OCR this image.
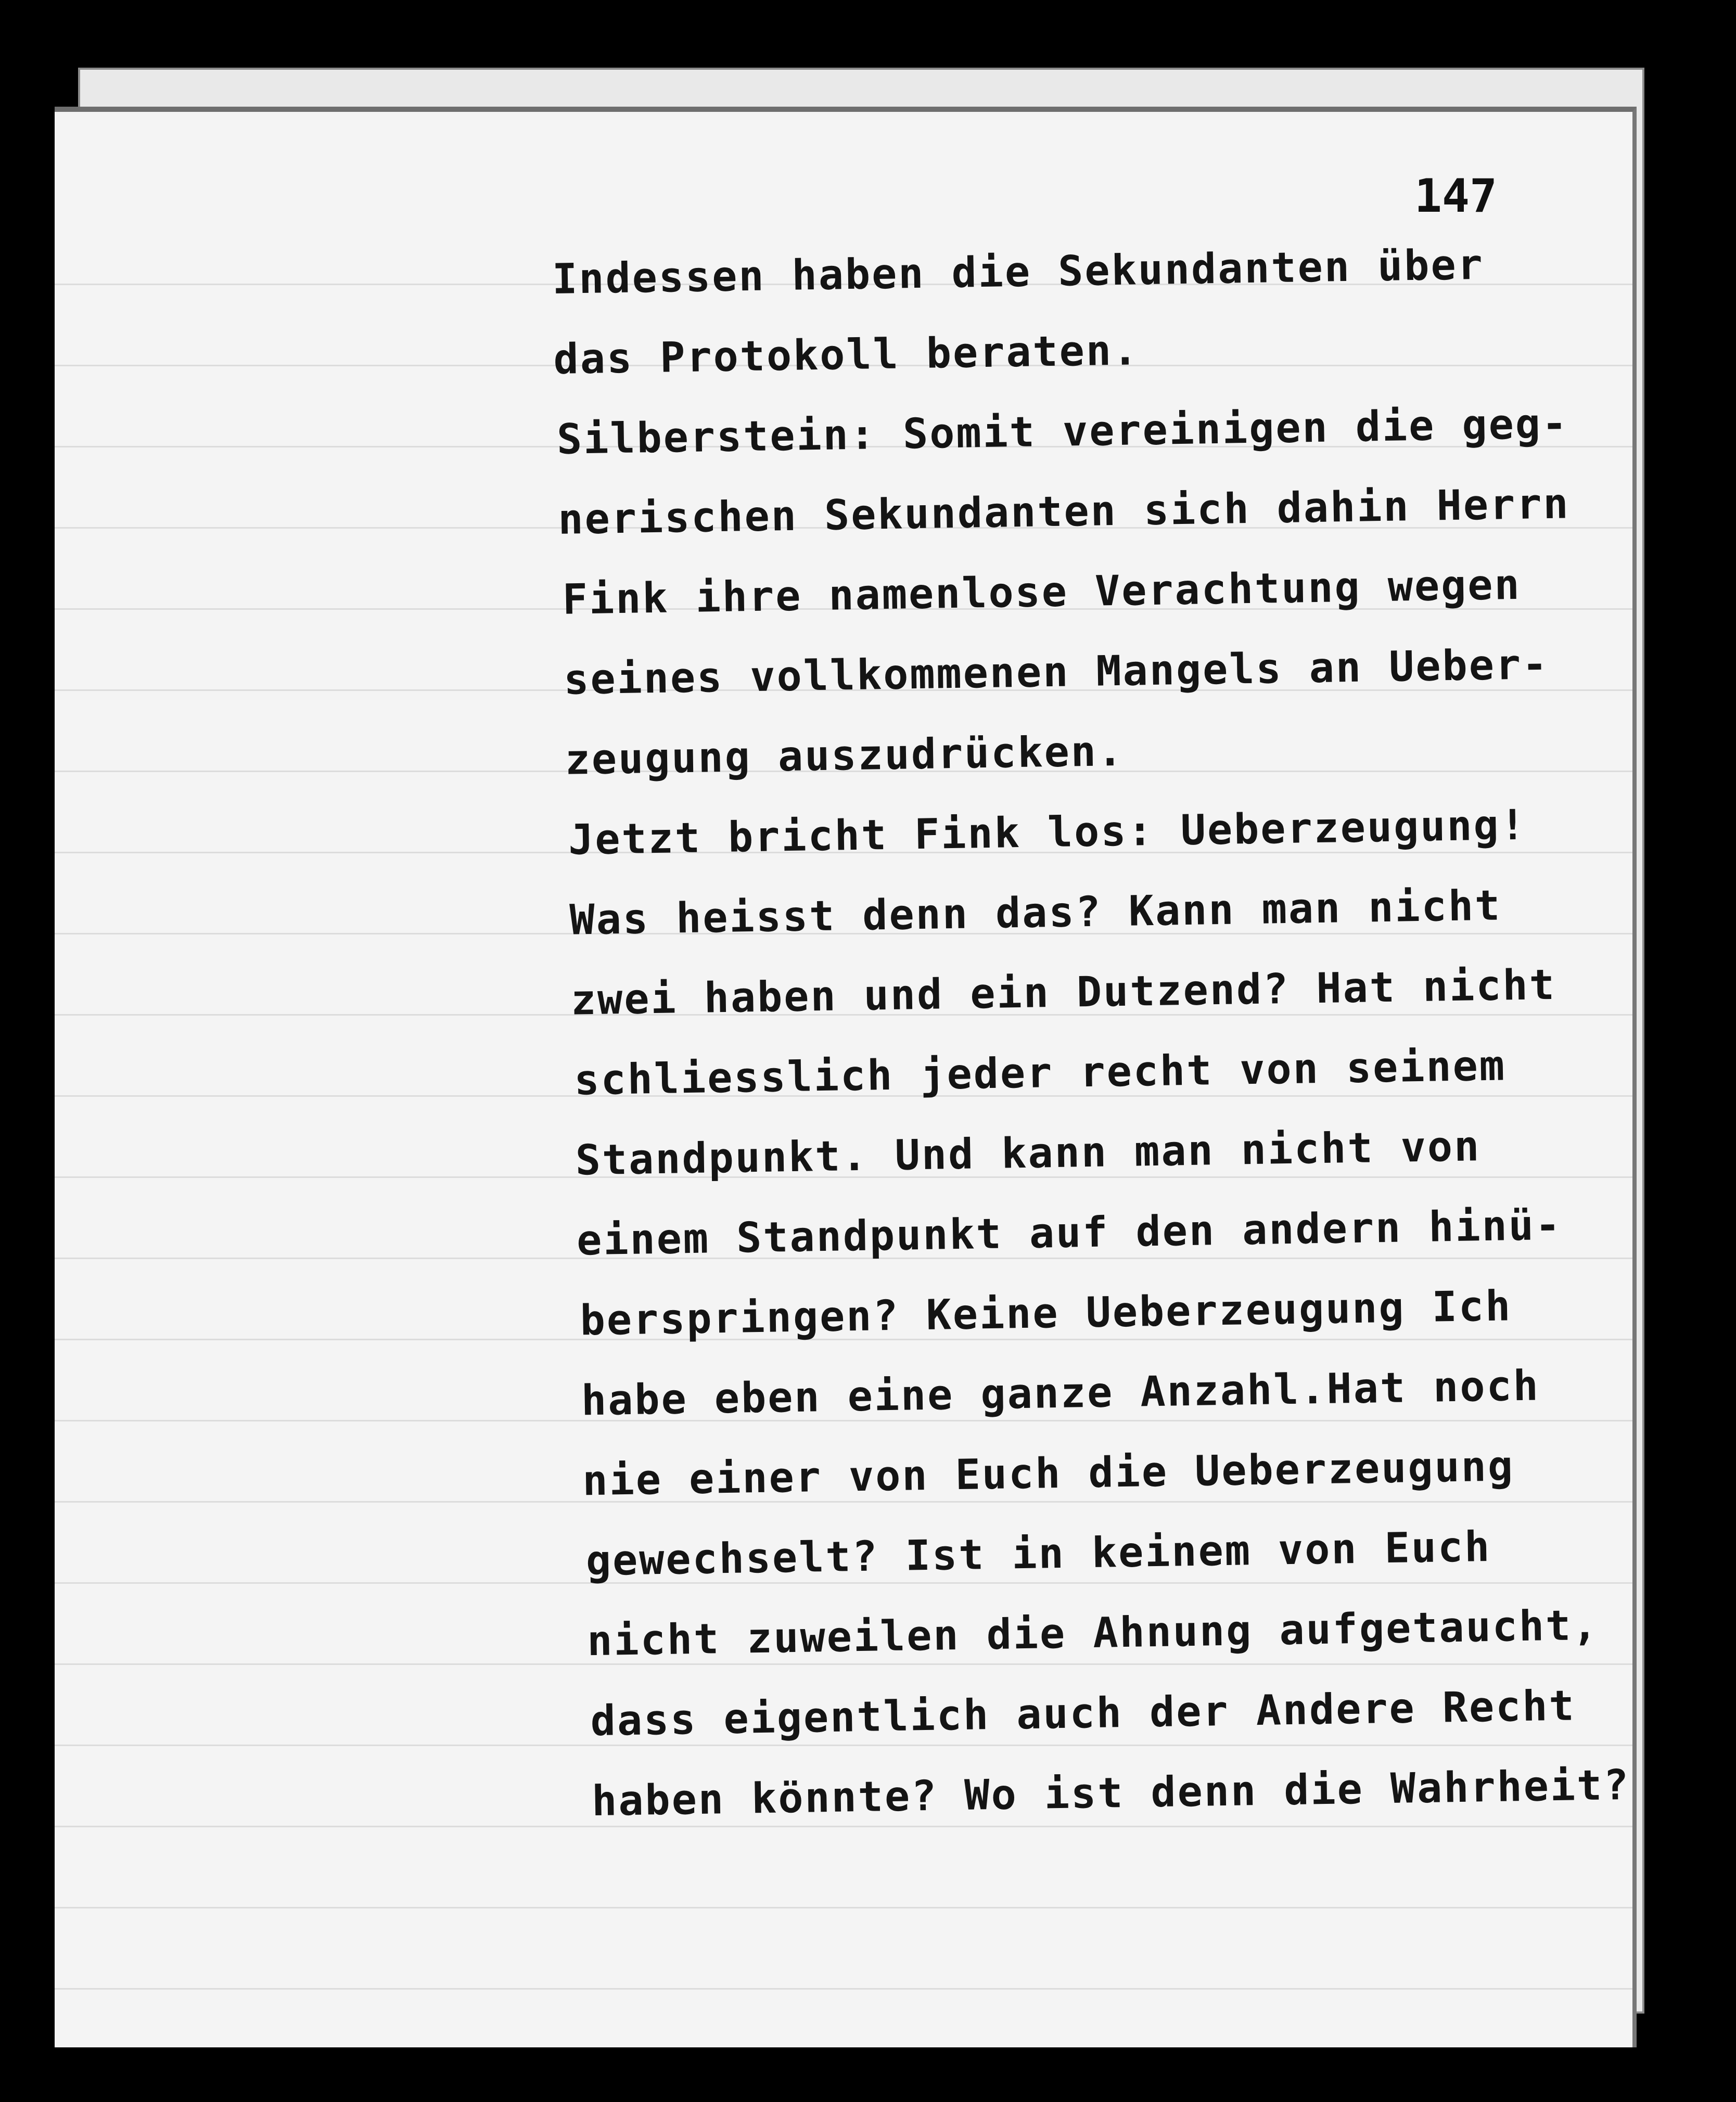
147
Indessen haben die Sekundanten über
das Protokoll beraten.
Silberstein: Somit vereinigen die geg-
nerischen Sekundanten sich dahin Herrn
Fink ihre namenlose Verachtung wegen
seines vollkommenen Mangels an Ueber-
zeugung auszudrücken.
Jetzt bricht Fink los: Ueberzeugung!
Was heisst denn das? Kann man nicht
zwei haben und ein Dutzend? Hat nicht
schliesslich jeder recht von seinem
Standpunkt. Und kann man nicht von
einem Standpunkt auf den andern hinü-
berspringen? Keine Ueberzeugung Ich
habe eben eine ganze Anzahl.Hat noch
nie einer von Euch die Ueberzeugung
gewechselt? Ist in keinem von Euch
nicht zuweilen die Ahnung aufgetaucht,
dass eigentlich auch der Andere Recht
haben könnte? Wo ist denn die Wahrheit?
